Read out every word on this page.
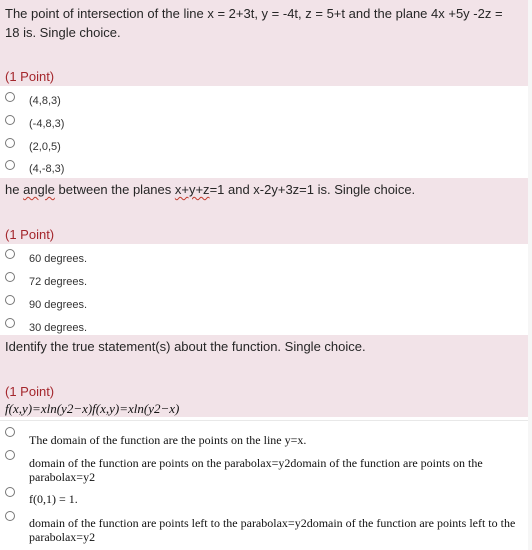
The point of intersection of the line x = 2+3t, y = -4t, z = 5+t and the plane 4x +5y -2z = 18 is. Single choice.
(1 Point)
(4,8,3)
(-4,8,3)
(2,0,5)
(4,-8,3)
he angle between the planes x+y+z=1 and x-2y+3z=1 is. Single choice.
(1 Point)
60 degrees.
72 degrees.
90 degrees.
30 degrees.
Identify the true statement(s) about the function. Single choice.
(1 Point)
f(x,y)=xln(y2−x)f(x,y)=xln⁡(y2−x)
The domain of the function are the points on the line y=x.
domain of the function are points on the parabolax=y2domain of the function are points on the parabolax=y2
f(0,1) = 1.
domain of the function are points left to the parabolax=y2domain of the function are points left to the parabolax=y2
